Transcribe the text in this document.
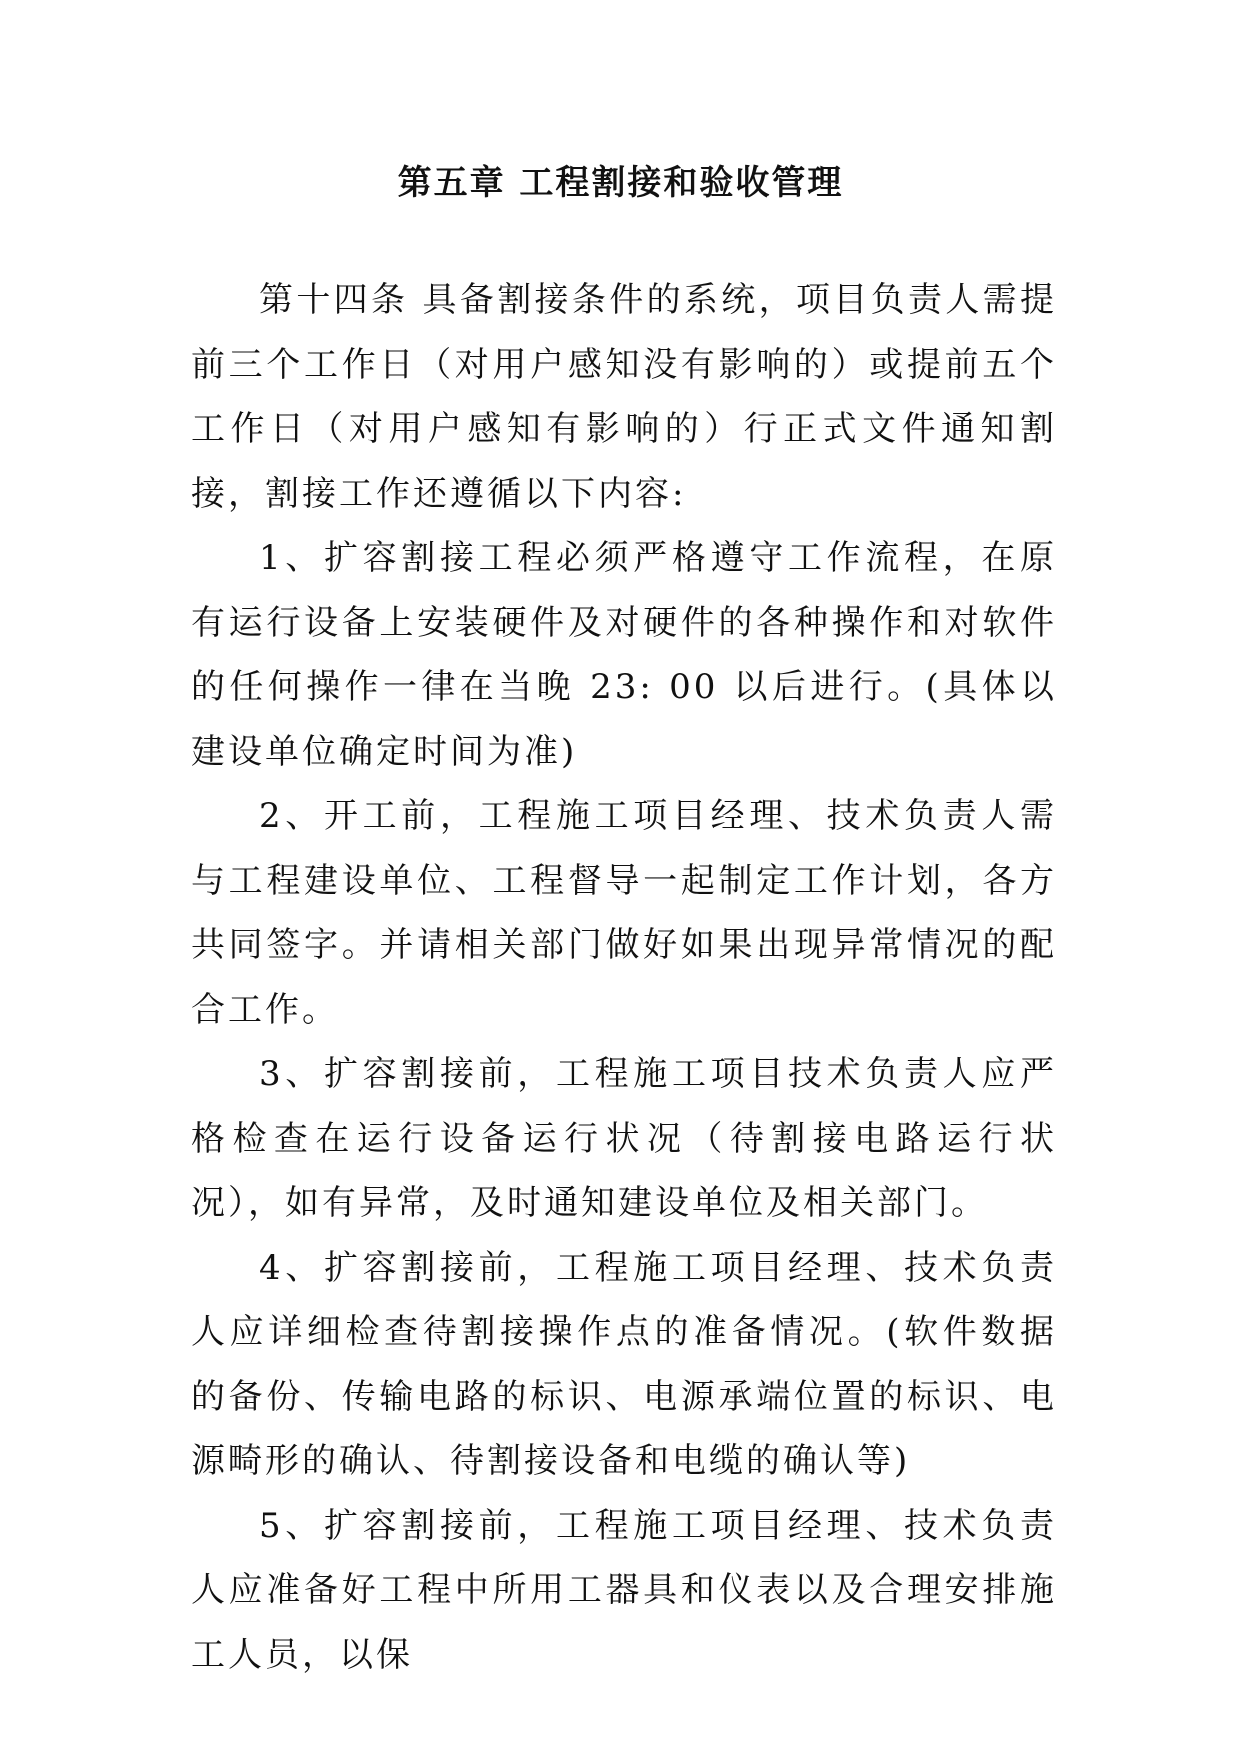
第五章 工程割接和验收管理

第十四条 具备割接条件的系统，项目负责人需提前三个工作日（对用户感知没有影响的）或提前五个工作日（对用户感知有影响的）行正式文件通知割接，割接工作还遵循以下内容:

1、扩容割接工程必须严格遵守工作流程，在原有运行设备上安装硬件及对硬件的各种操作和对软件的任何操作一律在当晚 23: 00 以后进行。(具体以建设单位确定时间为准)

2、开工前，工程施工项目经理、技术负责人需与工程建设单位、工程督导一起制定工作计划，各方共同签字。并请相关部门做好如果出现异常情况的配合工作。

3、扩容割接前，工程施工项目技术负责人应严格检查在运行设备运行状况（待割接电路运行状况），如有异常，及时通知建设单位及相关部门。

4、扩容割接前，工程施工项目经理、技术负责人应详细检查待割接操作点的准备情况。(软件数据的备份、传输电路的标识、电源承端位置的标识、电源畸形的确认、待割接设备和电缆的确认等)

5、扩容割接前，工程施工项目经理、技术负责人应准备好工程中所用工器具和仪表以及合理安排施工人员，以保
